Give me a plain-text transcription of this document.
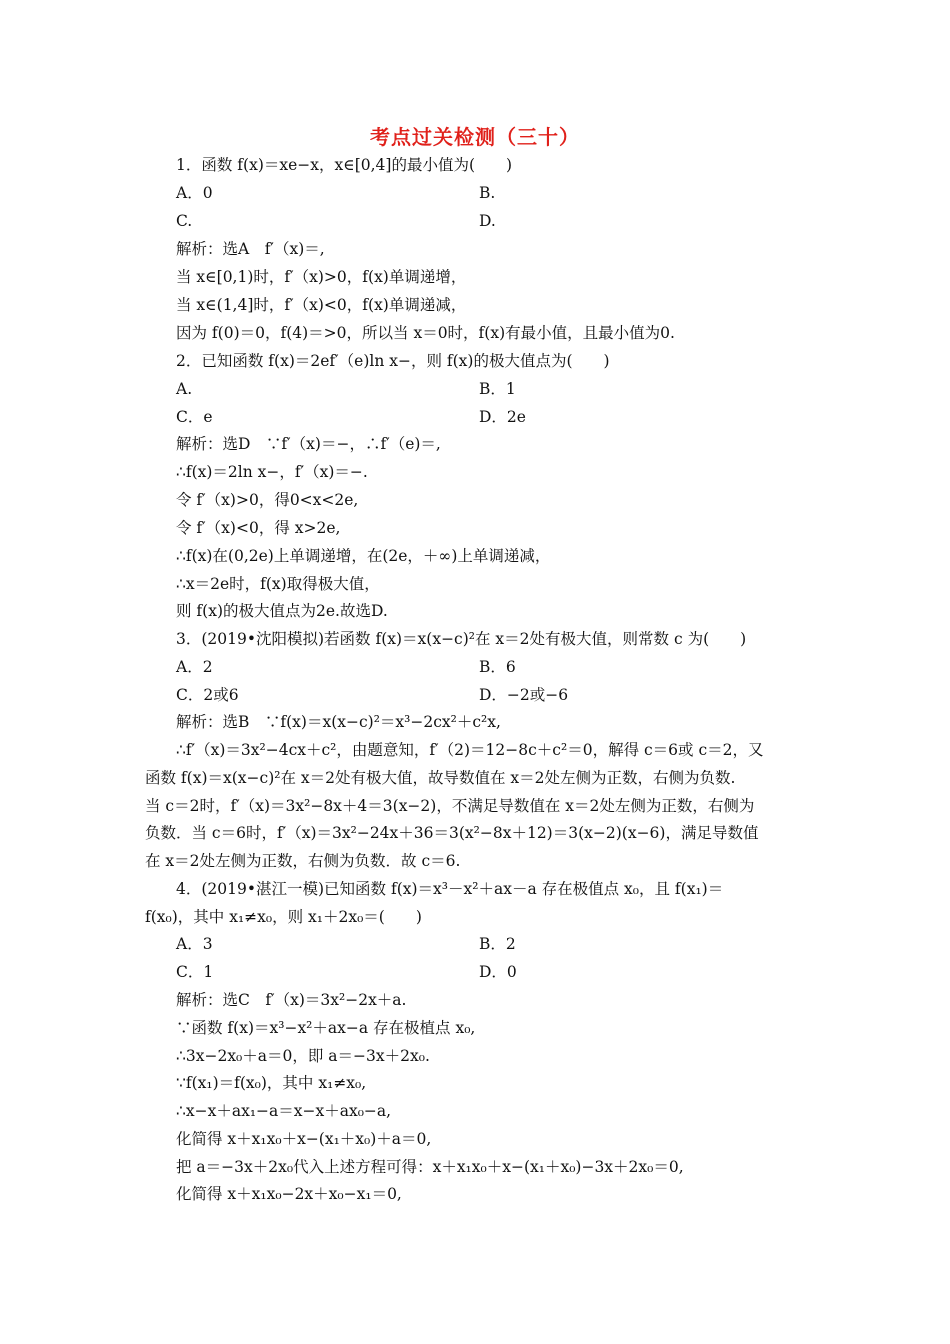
考点过关检测（三十）
1．函数 f(x)＝xe−x，x∈[0,4]的最小值为(　　)
A．0	B.
C.	D.
解析：选A　f′（x)＝,
当 x∈[0,1)时，f′（x)>0，f(x)单调递增，
当 x∈(1,4]时，f′（x)<0，f(x)单调递减，
因为 f(0)＝0，f(4)＝>0，所以当 x＝0时，f(x)有最小值，且最小值为0.
2．已知函数 f(x)＝2ef′（e)ln x−，则 f(x)的极大值点为(　　)
A.	B．1
C．e	D．2e
解析：选D　∵f′（x)＝−，∴f′（e)＝,
∴f(x)＝2ln x−，f′（x)＝−.
令 f′（x)>0，得0<x<2e,
令 f′（x)<0，得 x>2e,
∴f(x)在(0,2e)上单调递增，在(2e，＋∞)上单调递减，
∴x＝2e时，f(x)取得极大值，
则 f(x)的极大值点为2e.故选D.
3．(2019•沈阳模拟)若函数 f(x)＝x(x−c)²在 x＝2处有极大值，则常数 c 为(　　)
A．2	B．6
C．2或6	D．−2或−6
解析：选B　∵f(x)＝x(x−c)²＝x³−2cx²＋c²x,
∴f′（x)＝3x²−4cx＋c²，由题意知，f′（2)＝12−8c＋c²＝0，解得 c＝6或 c＝2，又
函数 f(x)＝x(x−c)²在 x＝2处有极大值，故导数值在 x＝2处左侧为正数，右侧为负数.
当 c＝2时，f′（x)＝3x²−8x＋4＝3(x−2)，不满足导数值在 x＝2处左侧为正数，右侧为
负数．当 c＝6时，f′（x)＝3x²−24x＋36＝3(x²−8x＋12)＝3(x−2)(x−6)，满足导数值
在 x＝2处左侧为正数，右侧为负数．故 c＝6.
4．(2019•湛江一模)已知函数 f(x)＝x³－x²＋ax－a 存在极值点 x₀，且 f(x₁)＝
f(x₀)，其中 x₁≠x₀，则 x₁＋2x₀＝(　　)
A．3	B．2
C．1	D．0
解析：选C　f′（x)＝3x²−2x＋a.
∵函数 f(x)＝x³−x²＋ax−a 存在极植点 x₀,
∴3x−2x₀＋a＝0，即 a＝−3x＋2x₀.
∵f(x₁)＝f(x₀)，其中 x₁≠x₀,
∴x−x＋ax₁−a＝x−x＋ax₀−a,
化简得 x＋x₁x₀＋x−(x₁＋x₀)＋a＝0,
把 a＝−3x＋2x₀代入上述方程可得：x＋x₁x₀＋x−(x₁＋x₀)−3x＋2x₀＝0,
化简得 x＋x₁x₀−2x＋x₀−x₁＝0,
